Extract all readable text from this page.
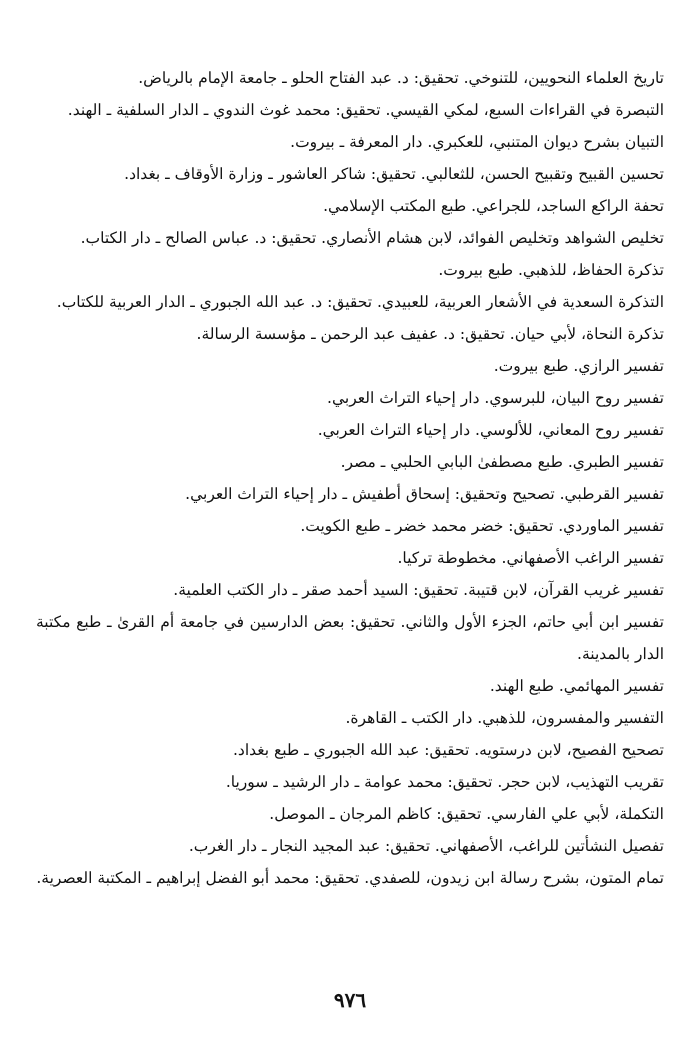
تاريخ العلماء النحويين، للتنوخي. تحقيق: د. عبد الفتاح الحلو ـ جامعة الإمام بالرياض.
التبصرة في القراءات السبع، لمكي القيسي. تحقيق: محمد غوث الندوي ـ الدار السلفية ـ الهند.
التبيان بشرح ديوان المتنبي، للعكبري. دار المعرفة ـ بيروت.
تحسين القبيح وتقبيح الحسن، للثعالبي. تحقيق: شاكر العاشور ـ وزارة الأوقاف ـ بغداد.
تحفة الراكع الساجد، للجراعي. طبع المكتب الإسلامي.
تخليص الشواهد وتخليص الفوائد، لابن هشام الأنصاري. تحقيق: د. عباس الصالح ـ دار الكتاب.
تذكرة الحفاظ، للذهبي. طبع بيروت.
التذكرة السعدية في الأشعار العربية، للعبيدي. تحقيق: د. عبد الله الجبوري ـ الدار العربية للكتاب.
تذكرة النحاة، لأبي حيان. تحقيق: د. عفيف عبد الرحمن ـ مؤسسة الرسالة.
تفسير الرازي. طبع بيروت.
تفسير روح البيان، للبرسوي. دار إحياء التراث العربي.
تفسير روح المعاني، للألوسي. دار إحياء التراث العربي.
تفسير الطبري. طبع مصطفىٰ البابي الحلبي ـ مصر.
تفسير القرطبي. تصحيح وتحقيق: إسحاق أطفيش ـ دار إحياء التراث العربي.
تفسير الماوردي. تحقيق: خضر محمد خضر ـ طبع الكويت.
تفسير الراغب الأصفهاني. مخطوطة تركيا.
تفسير غريب القرآن، لابن قتيبة. تحقيق: السيد أحمد صقر ـ دار الكتب العلمية.
تفسير ابن أبي حاتم، الجزء الأول والثاني. تحقيق: بعض الدارسين في جامعة أم القرىٰ ـ طبع مكتبة الدار بالمدينة.
تفسير المهائمي. طبع الهند.
التفسير والمفسرون، للذهبي. دار الكتب ـ القاهرة.
تصحيح الفصيح، لابن درستويه. تحقيق: عبد الله الجبوري ـ طبع بغداد.
تقريب التهذيب، لابن حجر. تحقيق: محمد عوامة ـ دار الرشيد ـ سوريا.
التكملة، لأبي علي الفارسي. تحقيق: كاظم المرجان ـ الموصل.
تفصيل النشأتين للراغب، الأصفهاني. تحقيق: عبد المجيد النجار ـ دار الغرب.
تمام المتون، بشرح رسالة ابن زيدون، للصفدي. تحقيق: محمد أبو الفضل إبراهيم ـ المكتبة العصرية.
٩٧٦
